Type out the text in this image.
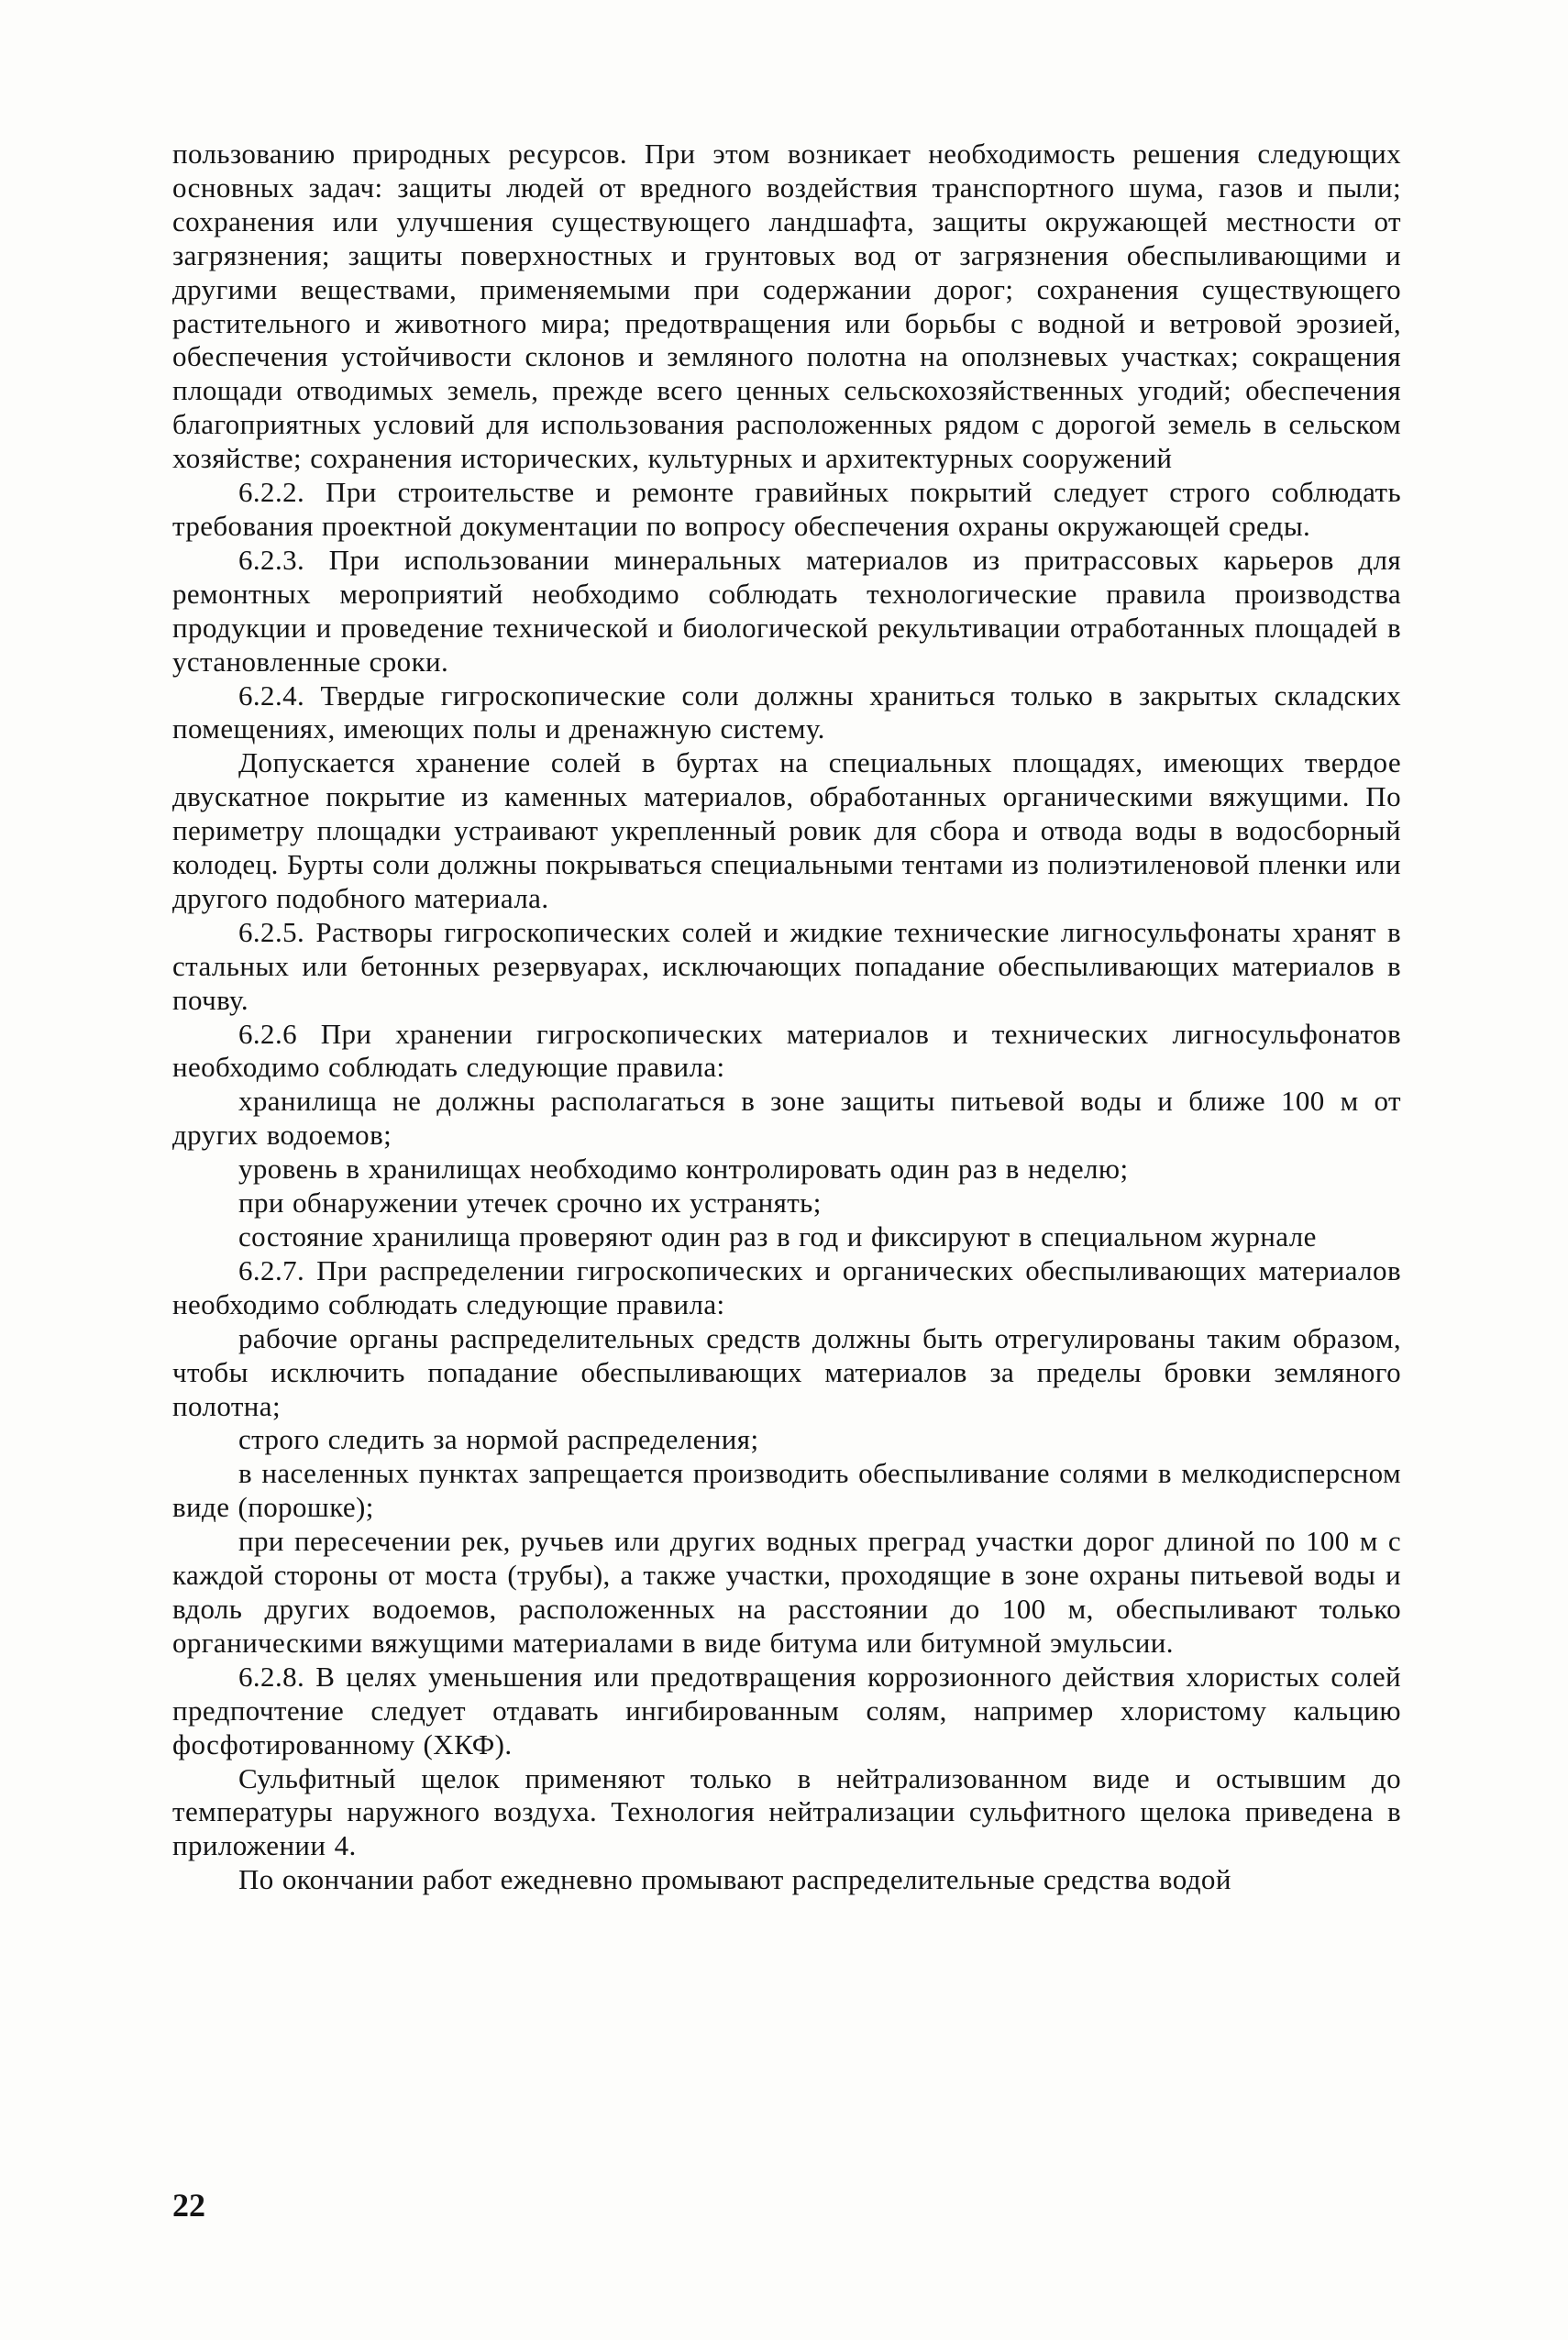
пользованию природных ресурсов. При этом возникает необходимость решения следующих основных задач: защиты людей от вредного воздействия транспортного шума, газов и пыли; сохранения или улучшения существующего ландшафта, защиты окружающей местности от загрязнения; защиты поверхностных и грунтовых вод от загрязнения обеспыливающими и другими веществами, применяемыми при содержании дорог; сохранения существующего растительного и животного мира; предотвращения или борьбы с водной и ветровой эрозией, обеспечения устойчивости склонов и земляного полотна на оползневых участках; сокращения площади отводимых земель, прежде всего ценных сельскохозяйственных угодий; обеспечения благоприятных условий для использования расположенных рядом с дорогой земель в сельском хозяйстве; сохранения исторических, культурных и архитектурных сооружений

6.2.2. При строительстве и ремонте гравийных покрытий следует строго соблюдать требования проектной документации по вопросу обеспечения охраны окружающей среды.

6.2.3. При использовании минеральных материалов из притрассовых карьеров для ремонтных мероприятий необходимо соблюдать технологические правила производства продукции и проведение технической и биологической рекультивации отработанных площадей в установленные сроки.

6.2.4. Твердые гигроскопические соли должны храниться только в закрытых складских помещениях, имеющих полы и дренажную систему.

Допускается хранение солей в буртах на специальных площадях, имеющих твердое двускатное покрытие из каменных материалов, обработанных органическими вяжущими. По периметру площадки устраивают укрепленный ровик для сбора и отвода воды в водосборный колодец. Бурты соли должны покрываться специальными тентами из полиэтиленовой пленки или другого подобного материала.

6.2.5. Растворы гигроскопических солей и жидкие технические лигносульфонаты хранят в стальных или бетонных резервуарах, исключающих попадание обеспыливающих материалов в почву.

6.2.6 При хранении гигроскопических материалов и технических лигносульфонатов необходимо соблюдать следующие правила:

хранилища не должны располагаться в зоне защиты питьевой воды и ближе 100 м от других водоемов;

уровень в хранилищах необходимо контролировать один раз в неделю;

при обнаружении утечек срочно их устранять;

состояние хранилища проверяют один раз в год и фиксируют в специальном журнале

6.2.7. При распределении гигроскопических и органических обеспыливающих материалов необходимо соблюдать следующие правила:

рабочие органы распределительных средств должны быть отрегулированы таким образом, чтобы исключить попадание обеспыливающих материалов за пределы бровки земляного полотна;

строго следить за нормой распределения;

в населенных пунктах запрещается производить обеспыливание солями в мелкодисперсном виде (порошке);

при пересечении рек, ручьев или других водных преград участки дорог длиной по 100 м с каждой стороны от моста (трубы), а также участки, проходящие в зоне охраны питьевой воды и вдоль других водоемов, расположенных на расстоянии до 100 м, обеспыливают только органическими вяжущими материалами в виде битума или битумной эмульсии.

6.2.8. В целях уменьшения или предотвращения коррозионного действия хлористых солей предпочтение следует отдавать ингибированным солям, например хлористому кальцию фосфотированному (ХКФ).

Сульфитный щелок применяют только в нейтрализованном виде и остывшим до температуры наружного воздуха. Технология нейтрализации сульфитного щелока приведена в приложении 4.

По окончании работ ежедневно промывают распределительные средства водой

22
